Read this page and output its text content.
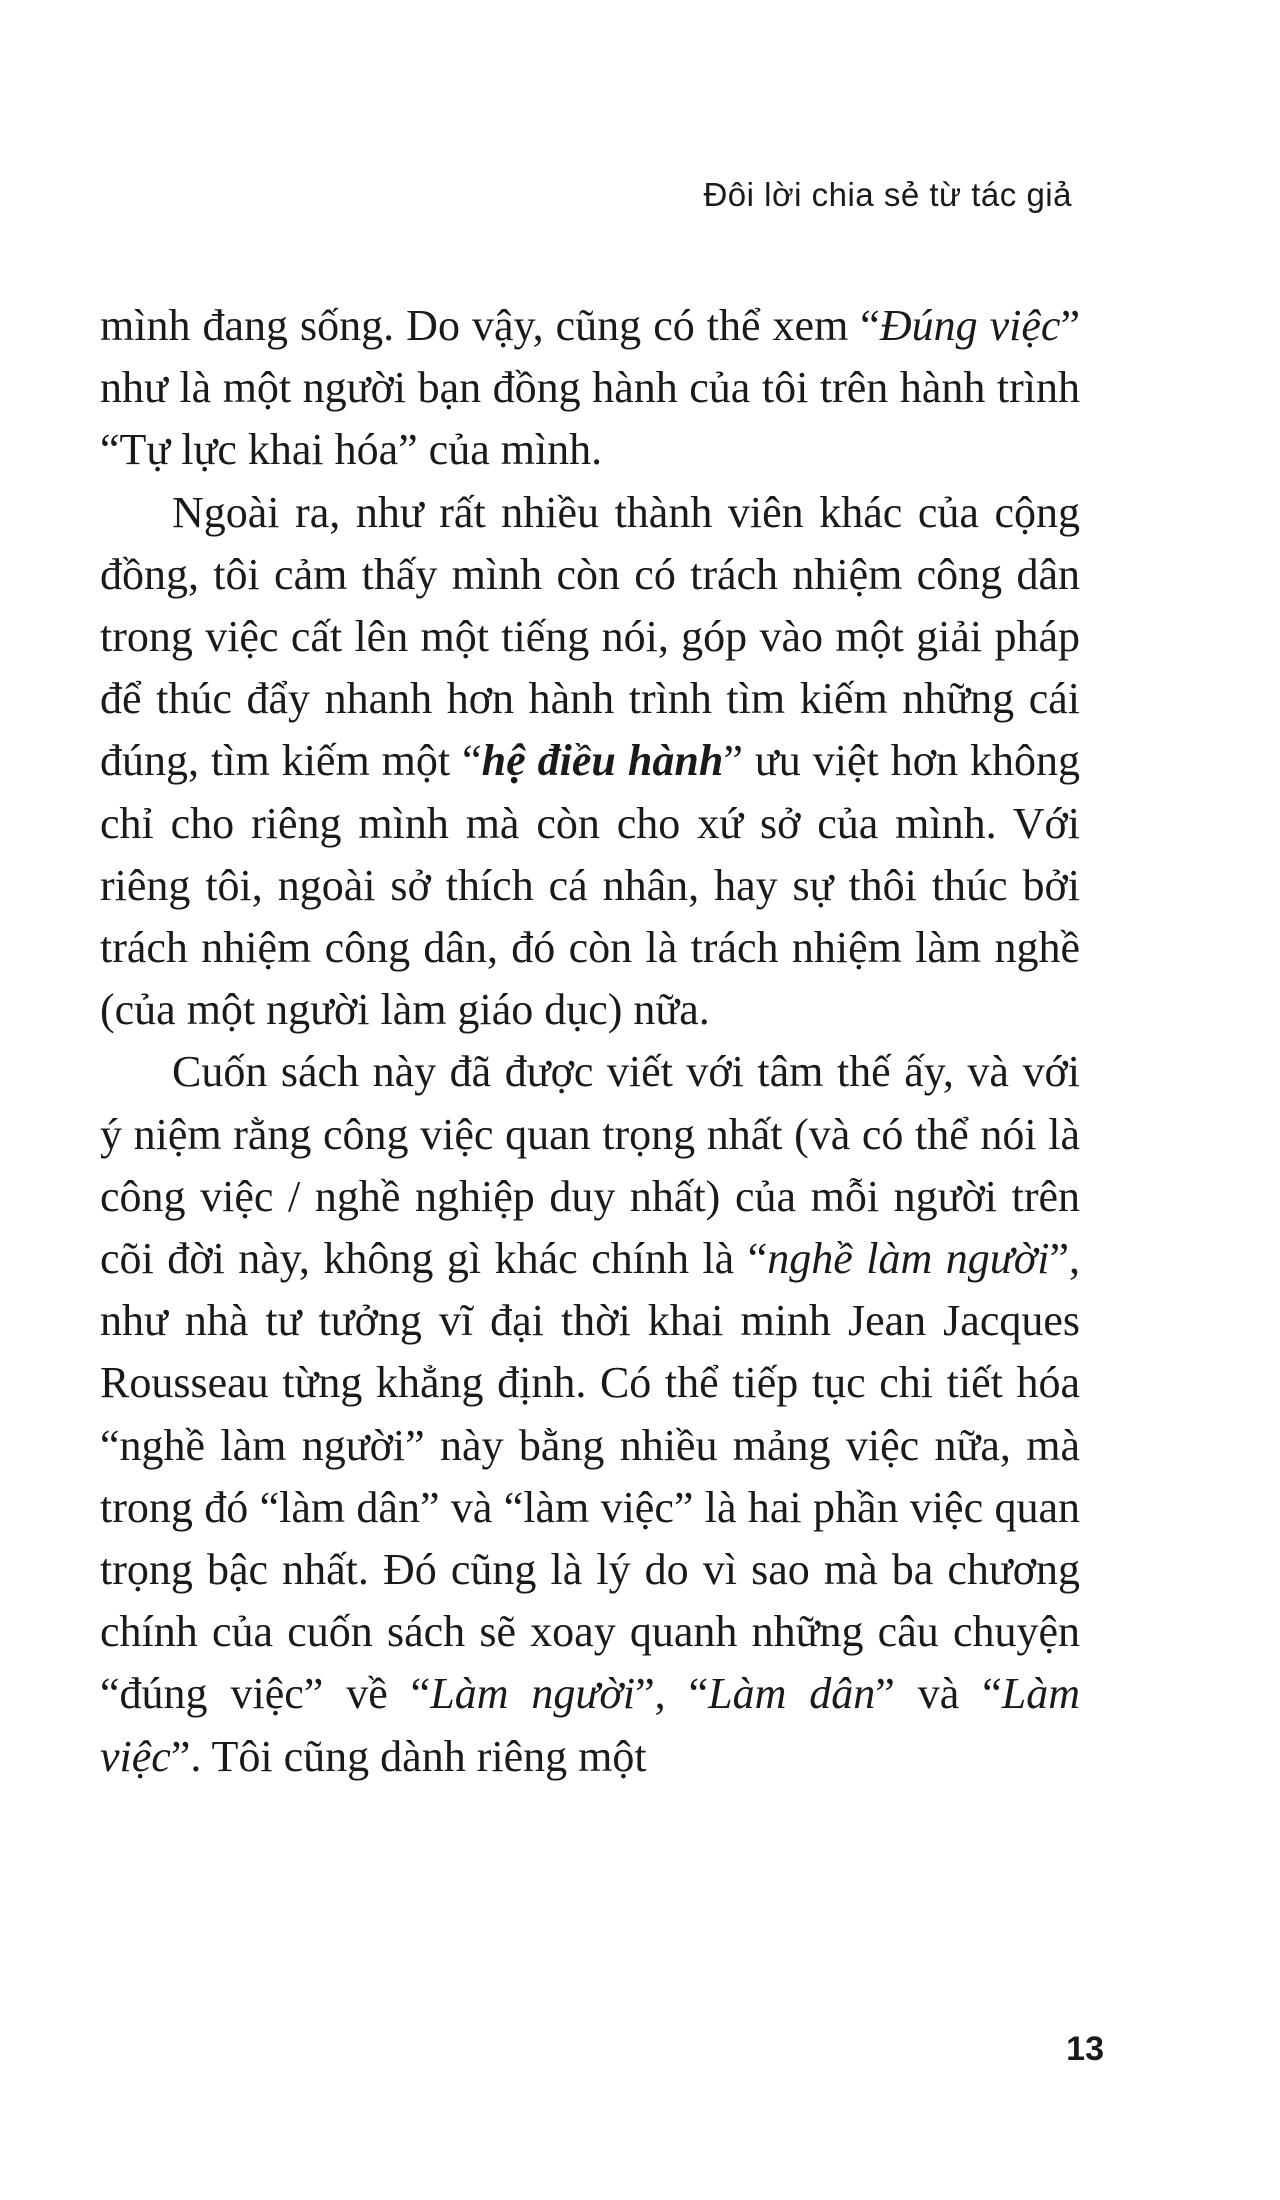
Đôi lời chia sẻ từ tác giả

mình đang sống. Do vậy, cũng có thể xem “Đúng việc” như là một người bạn đồng hành của tôi trên hành trình “Tự lực khai hóa” của mình.

Ngoài ra, như rất nhiều thành viên khác của cộng đồng, tôi cảm thấy mình còn có trách nhiệm công dân trong việc cất lên một tiếng nói, góp vào một giải pháp để thúc đẩy nhanh hơn hành trình tìm kiếm những cái đúng, tìm kiếm một “hệ điều hành” ưu việt hơn không chỉ cho riêng mình mà còn cho xứ sở của mình. Với riêng tôi, ngoài sở thích cá nhân, hay sự thôi thúc bởi trách nhiệm công dân, đó còn là trách nhiệm làm nghề (của một người làm giáo dục) nữa.

Cuốn sách này đã được viết với tâm thế ấy, và với ý niệm rằng công việc quan trọng nhất (và có thể nói là công việc / nghề nghiệp duy nhất) của mỗi người trên cõi đời này, không gì khác chính là “nghề làm người”, như nhà tư tưởng vĩ đại thời khai minh Jean Jacques Rousseau từng khẳng định. Có thể tiếp tục chi tiết hóa “nghề làm người” này bằng nhiều mảng việc nữa, mà trong đó “làm dân” và “làm việc” là hai phần việc quan trọng bậc nhất. Đó cũng là lý do vì sao mà ba chương chính của cuốn sách sẽ xoay quanh những câu chuyện “đúng việc” về “Làm người”, “Làm dân” và “Làm việc”. Tôi cũng dành riêng một

13
